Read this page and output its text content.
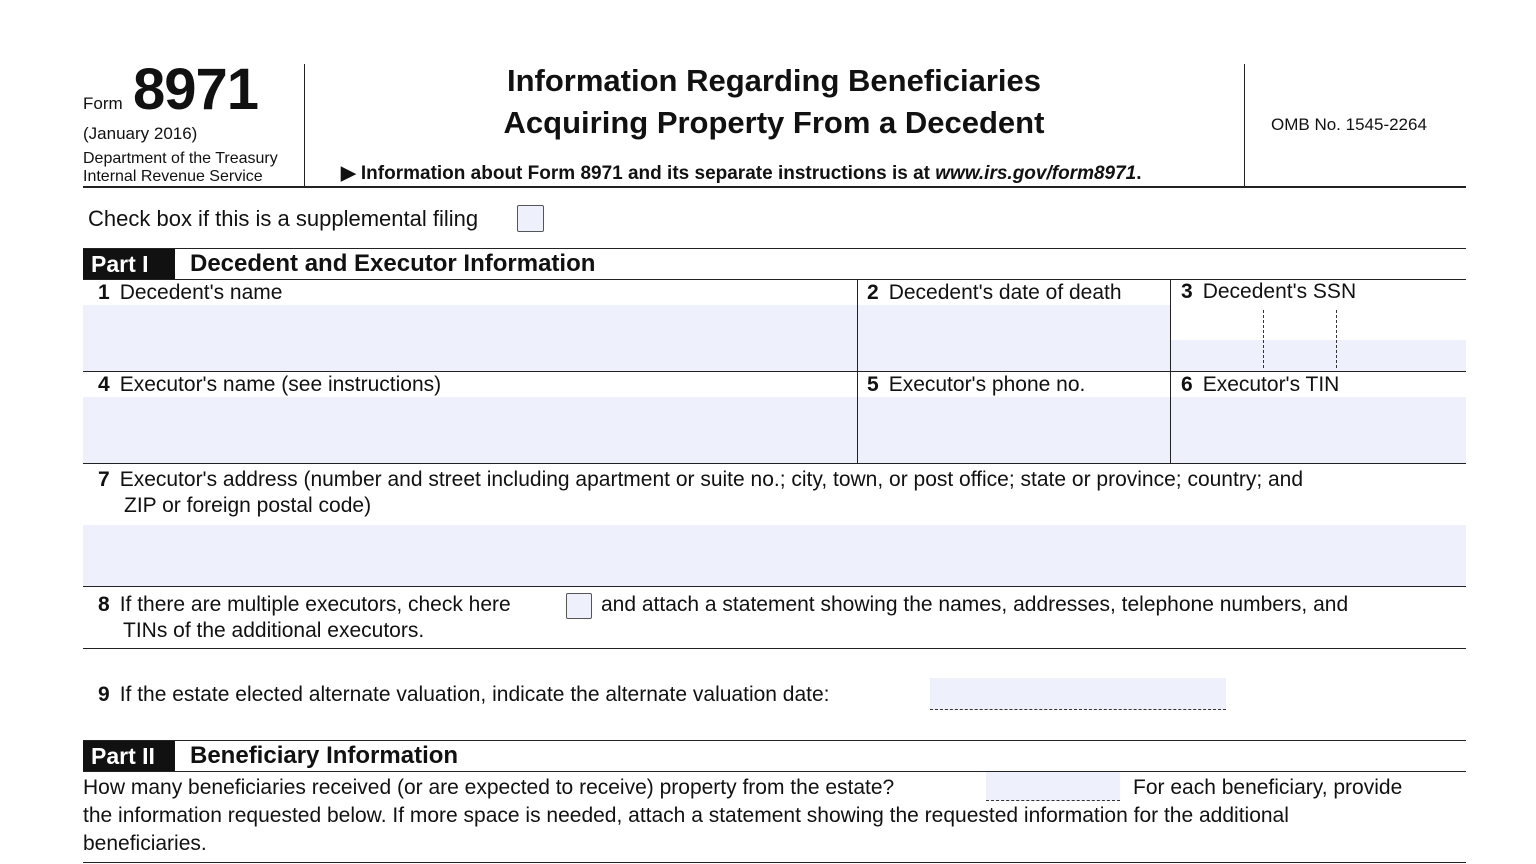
Form 8971
(January 2016)
Department of the Treasury
Internal Revenue Service
Information Regarding Beneficiaries
Acquiring Property From a Decedent
▶ Information about Form 8971 and its separate instructions is at www.irs.gov/form8971.
OMB No. 1545-2264
Check box if this is a supplemental filing
Part I	Decedent and Executor Information
1 Decedent's name	2 Decedent's date of death	3 Decedent's SSN
4 Executor's name (see instructions)	5 Executor's phone no.	6 Executor's TIN
7 Executor's address (number and street including apartment or suite no.; city, town, or post office; state or province; country; and
ZIP or foreign postal code)
8 If there are multiple executors, check here	and attach a statement showing the names, addresses, telephone numbers, and
TINs of the additional executors.
9 If the estate elected alternate valuation, indicate the alternate valuation date:
Part II	Beneficiary Information
How many beneficiaries received (or are expected to receive) property from the estate?	For each beneficiary, provide
the information requested below. If more space is needed, attach a statement showing the requested information for the additional
beneficiaries.
